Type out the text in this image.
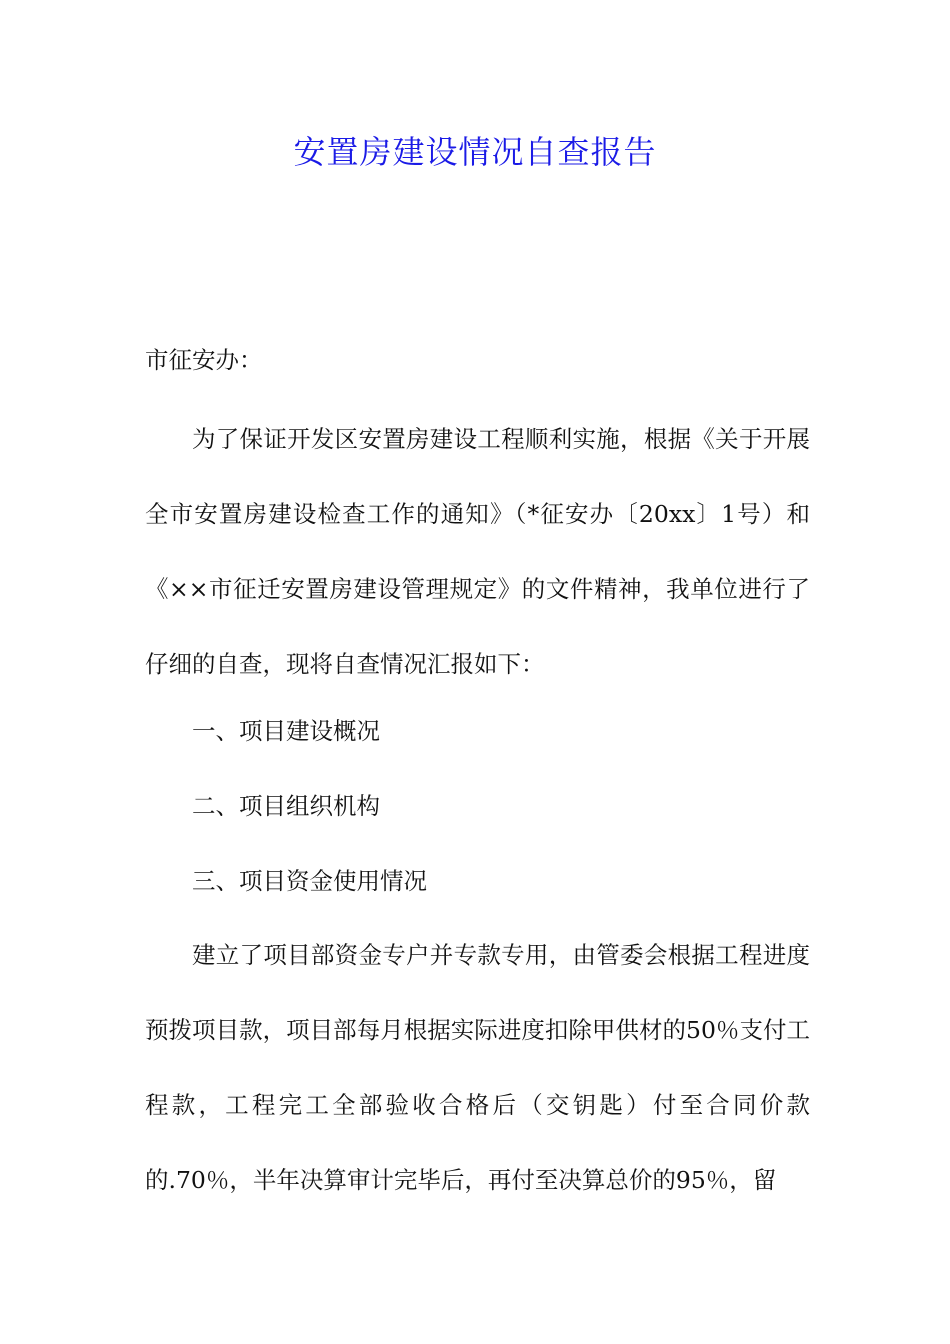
安置房建设情况自查报告
市征安办：
为了保证开发区安置房建设工程顺利实施，根据《关于开展全市安置房建设检查工作的通知》（*征安办〔20xx〕1号）和《××市征迁安置房建设管理规定》的文件精神，我单位进行了仔细的自查，现将自查情况汇报如下：
一、项目建设概况
二、项目组织机构
三、项目资金使用情况
建立了项目部资金专户并专款专用，由管委会根据工程进度预拨项目款，项目部每月根据实际进度扣除甲供材的50％支付工程款，工程完工全部验收合格后（交钥匙）付至合同价款的.70％，半年决算审计完毕后，再付至决算总价的95％，留
